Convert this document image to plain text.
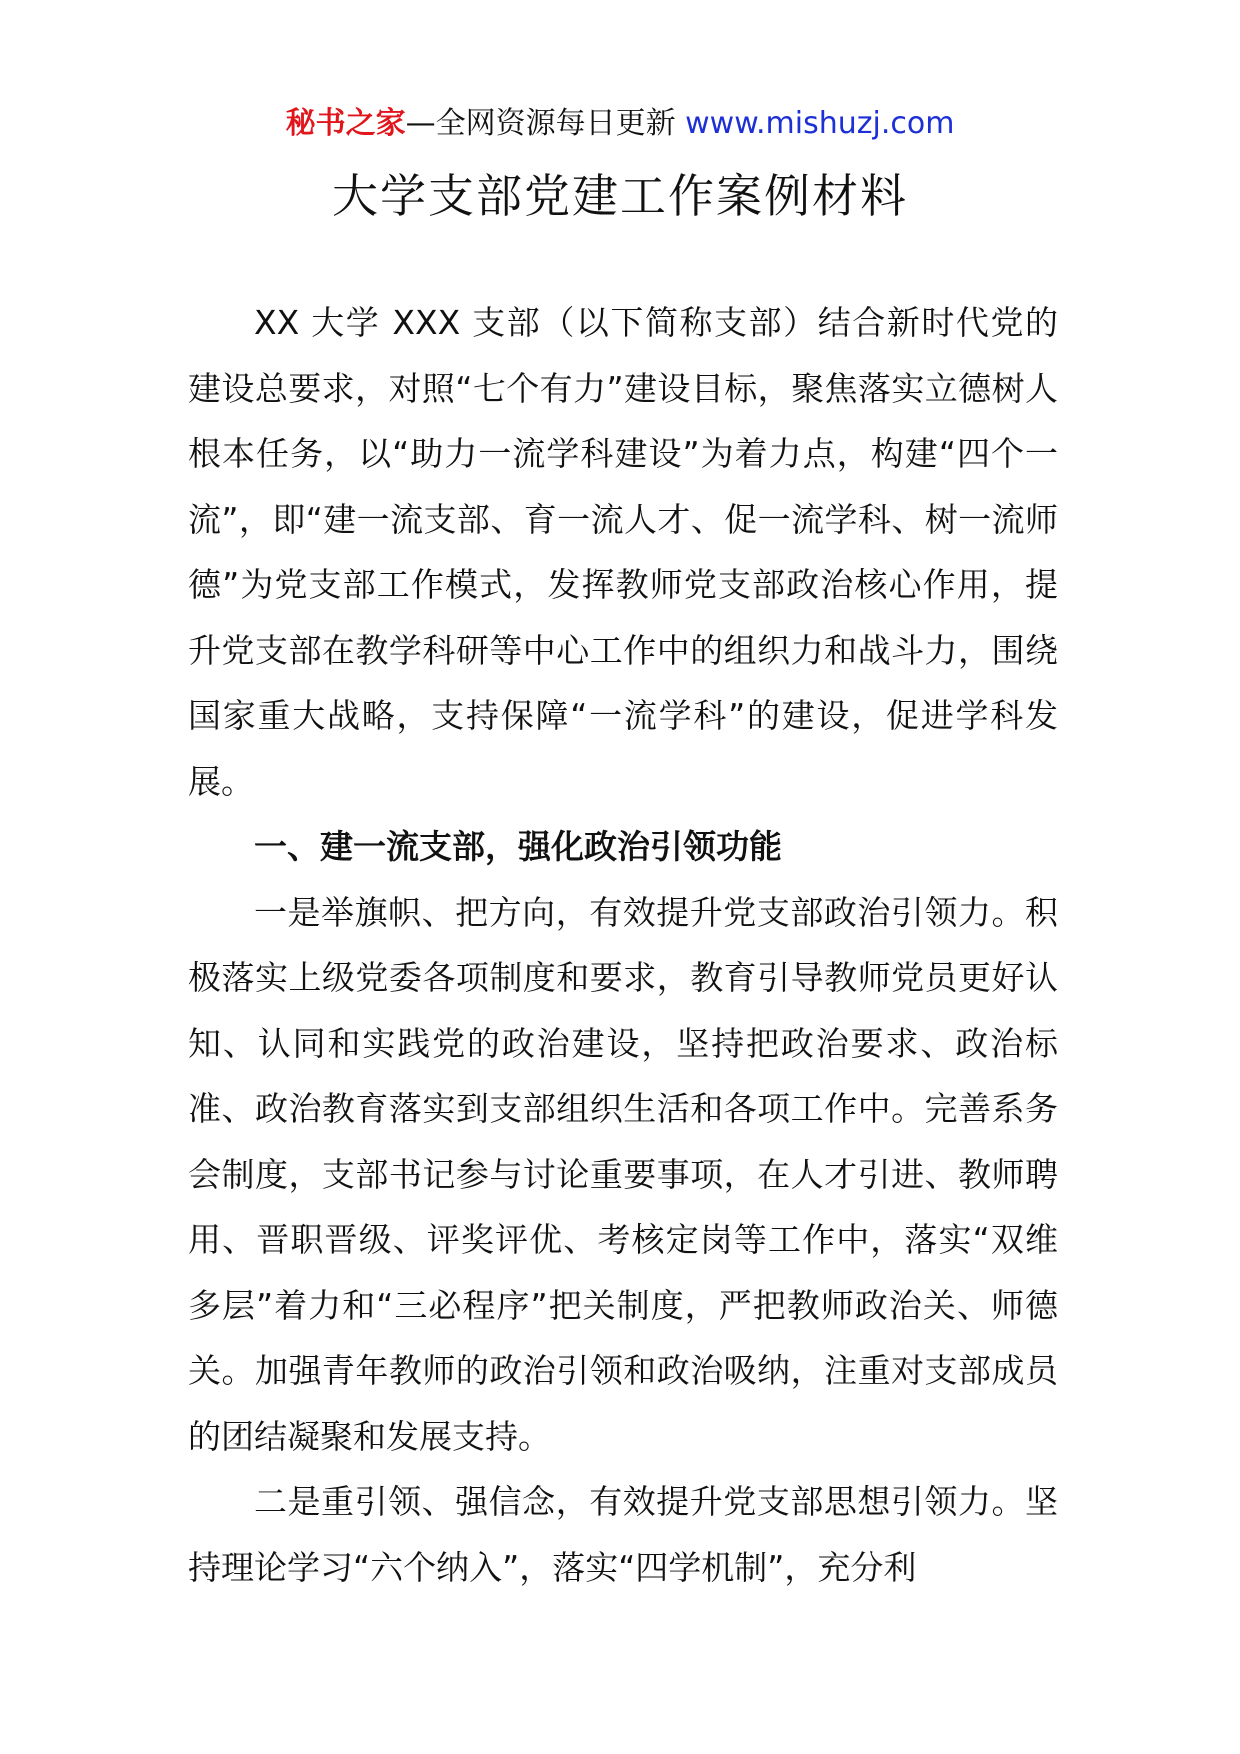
秘书之家—全网资源每日更新 www.mishuzj.com
大学支部党建工作案例材料

XX 大学 XXX 支部（以下简称支部）结合新时代党的建设总要求，对照“七个有力”建设目标，聚焦落实立德树人根本任务，以“助力一流学科建设”为着力点，构建“四个一流”，即“建一流支部、育一流人才、促一流学科、树一流师德”为党支部工作模式，发挥教师党支部政治核心作用，提升党支部在教学科研等中心工作中的组织力和战斗力，围绕国家重大战略，支持保障“一流学科”的建设，促进学科发展。

一、建一流支部，强化政治引领功能

一是举旗帜、把方向，有效提升党支部政治引领力。积极落实上级党委各项制度和要求，教育引导教师党员更好认知、认同和实践党的政治建设，坚持把政治要求、政治标准、政治教育落实到支部组织生活和各项工作中。完善系务会制度，支部书记参与讨论重要事项，在人才引进、教师聘用、晋职晋级、评奖评优、考核定岗等工作中，落实“双维多层”着力和“三必程序”把关制度，严把教师政治关、师德关。加强青年教师的政治引领和政治吸纳，注重对支部成员的团结凝聚和发展支持。

二是重引领、强信念，有效提升党支部思想引领力。坚持理论学习“六个纳入”，落实“四学机制”，充分利
